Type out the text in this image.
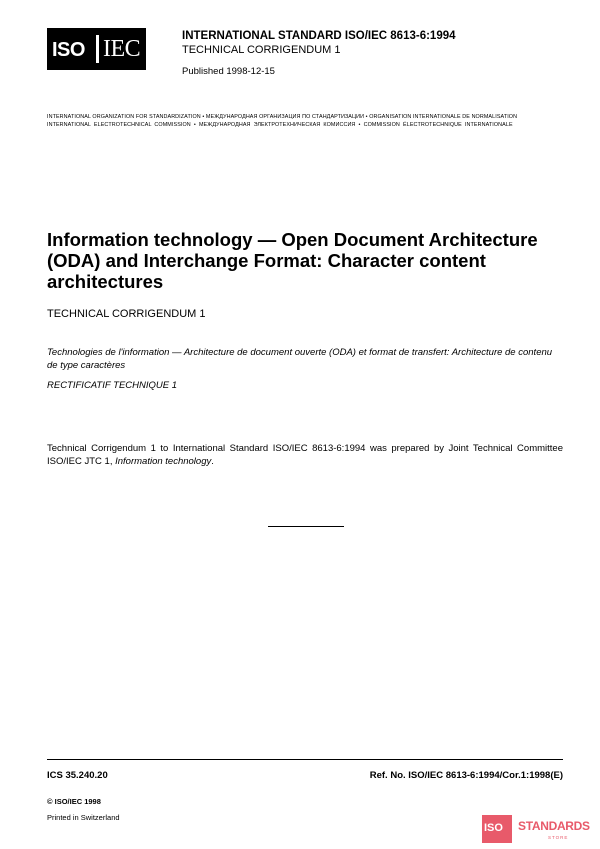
ISO IEC	INTERNATIONAL STANDARD ISO/IEC 8613-6:1994
TECHNICAL CORRIGENDUM 1
Published 1998-12-15
INTERNATIONAL ORGANIZATION FOR STANDARDIZATION • МЕЖДУНАРОДНАЯ ОРГАНИЗАЦИЯ ПО СТАНДАРТИЗАЦИИ • ORGANISATION INTERNATIONALE DE NORMALISATION
INTERNATIONAL ELECTROTECHNICAL COMMISSION • МЕЖДУНАРОДНАЯ ЭЛЕКТРОТЕХНИЧЕСКАЯ КОМИССИЯ • COMMISSION ÉLECTROTECHNIQUE INTERNATIONALE
Information technology — Open Document Architecture (ODA) and Interchange Format: Character content architectures
TECHNICAL CORRIGENDUM 1
Technologies de l'information — Architecture de document ouverte (ODA) et format de transfert: Architecture de contenu de type caractères
RECTIFICATIF TECHNIQUE 1
Technical Corrigendum 1 to International Standard ISO/IEC 8613-6:1994 was prepared by Joint Technical Committee ISO/IEC JTC 1, Information technology.
ICS 35.240.20	Ref. No. ISO/IEC 8613-6:1994/Cor.1:1998(E)
© ISO/IEC 1998
Printed in Switzerland
ISO STANDARDS
STORE
